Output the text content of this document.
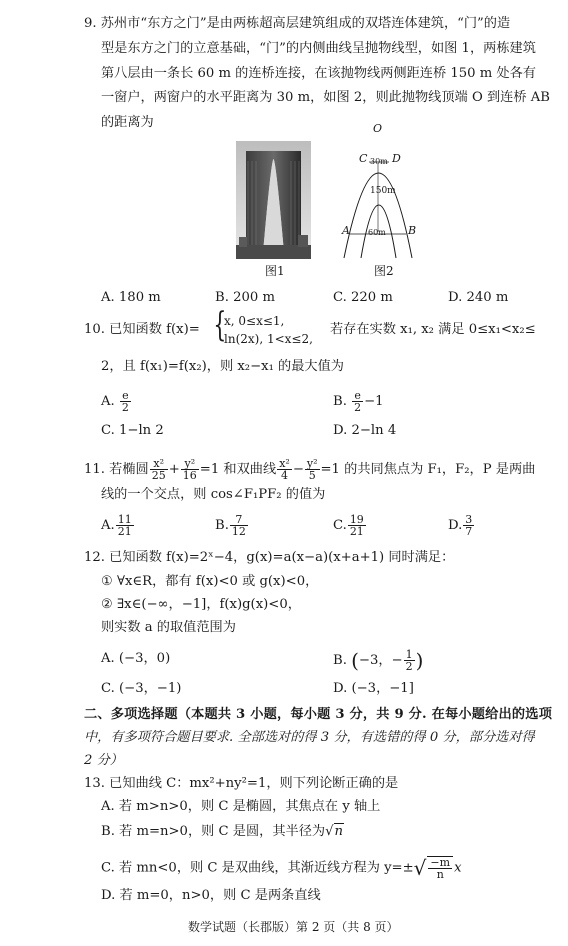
9. 苏州市“东方之门”是由两栋超高层建筑组成的双塔连体建筑，“门”的造
型是东方之门的立意基础，“门”的内侧曲线呈抛物线型，如图 1，两栋建筑
第八层由一条长 60 m 的连桥连接，在该抛物线两侧距连桥 150 m 处各有
一窗户，两窗户的水平距离为 30 m，如图 2，则此抛物线顶端 O 到连桥 AB
的距离为
图1
O
C D
30m
150m
A	B
60m
图2
A. 180 m	B. 200 m	C. 220 m	D. 240 m
10. 已知函数 f(x)= {
x, 0≤x≤1,
ln(2x), 1<x≤2,
若存在实数 x₁, x₂ 满足 0≤x₁<x₂≤
2，且 f(x₁)=f(x₂)，则 x₂−x₁ 的最大值为
A. $\frac{e}{2}$	B. $\frac{e}{2} -1$
C. 1−ln 2	D. 2−ln 4
11. 若椭圆 $\frac{\text{x²}}{25} + \frac{\text{y²}}{16} =1$ 和双曲线 $\frac{\text{x²}}{4} - \frac{\text{y²}}{5} =1$ 的共同焦点为 F₁，F₂，P 是两曲
线的一个交点，则 cos∠F₁PF₂ 的值为
A. $\frac{11}{21}$	B. $\frac{7}{12}$	C. $\frac{19}{21}$	D. $\frac{3}{7}$
12. 已知函数 f(x)=2ˣ−4，g(x)=a(x−a)(x+a+1) 同时满足：
① ∀x∈R，都有 f(x)<0 或 g(x)<0，
② ∃x∈(−∞，−1]，f(x)g(x)<0，
则实数 a 的取值范围为
A. (−3，0)	B. (−3，− $\frac{1}{2}$ )
C. (−3，−1)	D. (−3，−1]
二、多项选择题（本题共 3 小题，每小题 3 分，共 9 分. 在每小题给出的选项
中，有多项符合题目要求. 全部选对的得 3 分，有选错的得 0 分，部分选对得
2 分）
13. 已知曲线 C：mx²+ny²=1，则下列论断正确的是
A. 若 m>n>0，则 C 是椭圆，其焦点在 y 轴上
B. 若 m=n>0，则 C 是圆，其半径为√n
C. 若 mn<0，则 C 是双曲线，其渐近线方程为 $y=\pm√ \frac{-m}{n}$ x
D. 若 m=0，n>0，则 C 是两条直线
数学试题（长郡版）第 2 页（共 8 页）
